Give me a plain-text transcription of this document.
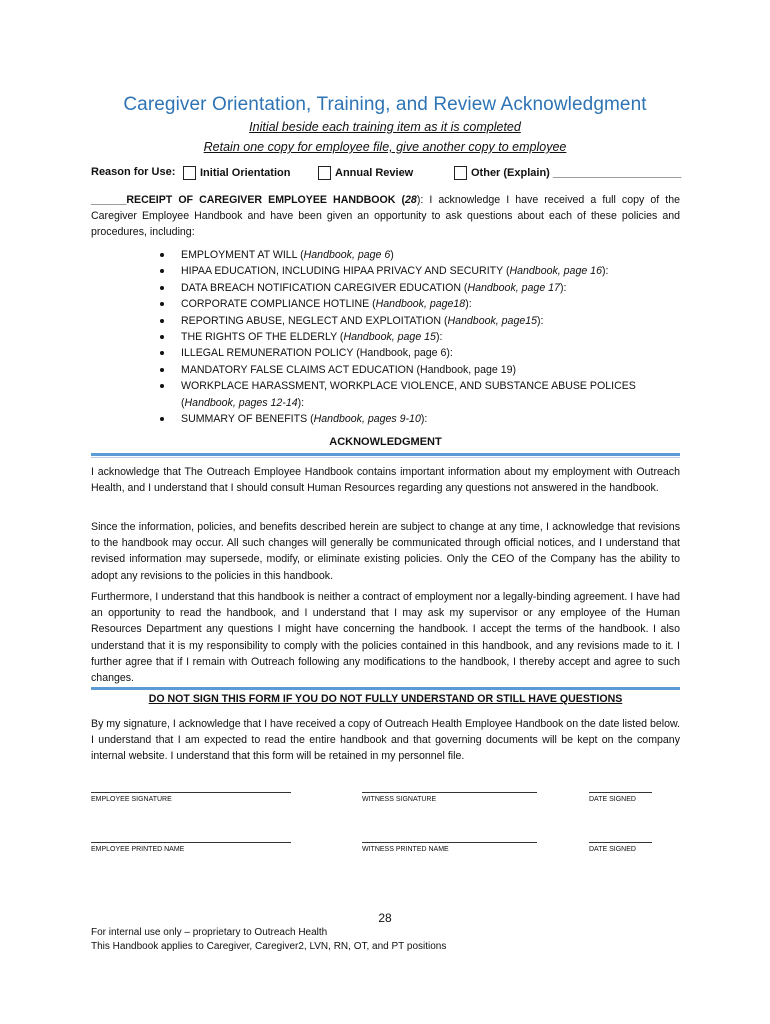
Caregiver Orientation, Training, and Review Acknowledgment
Initial beside each training item as it is completed
Retain one copy for employee file, give another copy to employee
Reason for Use: Initial Orientation	Annual Review	Other (Explain) _____________________
______RECEIPT OF CAREGIVER EMPLOYEE HANDBOOK (28): I acknowledge I have received a full copy of the Caregiver Employee Handbook and have been given an opportunity to ask questions about each of these policies and procedures, including:
EMPLOYMENT AT WILL (Handbook, page 6)
HIPAA EDUCATION, INCLUDING HIPAA PRIVACY AND SECURITY (Handbook, page 16):
DATA BREACH NOTIFICATION CAREGIVER EDUCATION (Handbook, page 17):
CORPORATE COMPLIANCE HOTLINE (Handbook, page18):
REPORTING ABUSE, NEGLECT AND EXPLOITATION (Handbook, page15):
THE RIGHTS OF THE ELDERLY (Handbook, page 15):
ILLEGAL REMUNERATION POLICY (Handbook, page 6):
MANDATORY FALSE CLAIMS ACT EDUCATION (Handbook, page 19)
WORKPLACE HARASSMENT, WORKPLACE VIOLENCE, AND SUBSTANCE ABUSE POLICES (Handbook, pages 12-14):
SUMMARY OF BENEFITS (Handbook, pages 9-10):
ACKNOWLEDGMENT
I acknowledge that The Outreach Employee Handbook contains important information about my employment with Outreach Health, and I understand that I should consult Human Resources regarding any questions not answered in the handbook.
Since the information, policies, and benefits described herein are subject to change at any time, I acknowledge that revisions to the handbook may occur. All such changes will generally be communicated through official notices, and I understand that revised information may supersede, modify, or eliminate existing policies. Only the CEO of the Company has the ability to adopt any revisions to the policies in this handbook.
Furthermore, I understand that this handbook is neither a contract of employment nor a legally-binding agreement. I have had an opportunity to read the handbook, and I understand that I may ask my supervisor or any employee of the Human Resources Department any questions I might have concerning the handbook. I accept the terms of the handbook. I also understand that it is my responsibility to comply with the policies contained in this handbook, and any revisions made to it. I further agree that if I remain with Outreach following any modifications to the handbook, I thereby accept and agree to such changes.
DO NOT SIGN THIS FORM IF YOU DO NOT FULLY UNDERSTAND OR STILL HAVE QUESTIONS
By my signature, I acknowledge that I have received a copy of Outreach Health Employee Handbook on the date listed below. I understand that I am expected to read the entire handbook and that governing documents will be kept on the company internal website. I understand that this form will be retained in my personnel file.
EMPLOYEE SIGNATURE	WITNESS SIGNATURE	DATE SIGNED
EMPLOYEE PRINTED NAME	WITNESS PRINTED NAME	DATE SIGNED
28
For internal use only – proprietary to Outreach Health
This Handbook applies to Caregiver, Caregiver2, LVN, RN, OT, and PT positions
